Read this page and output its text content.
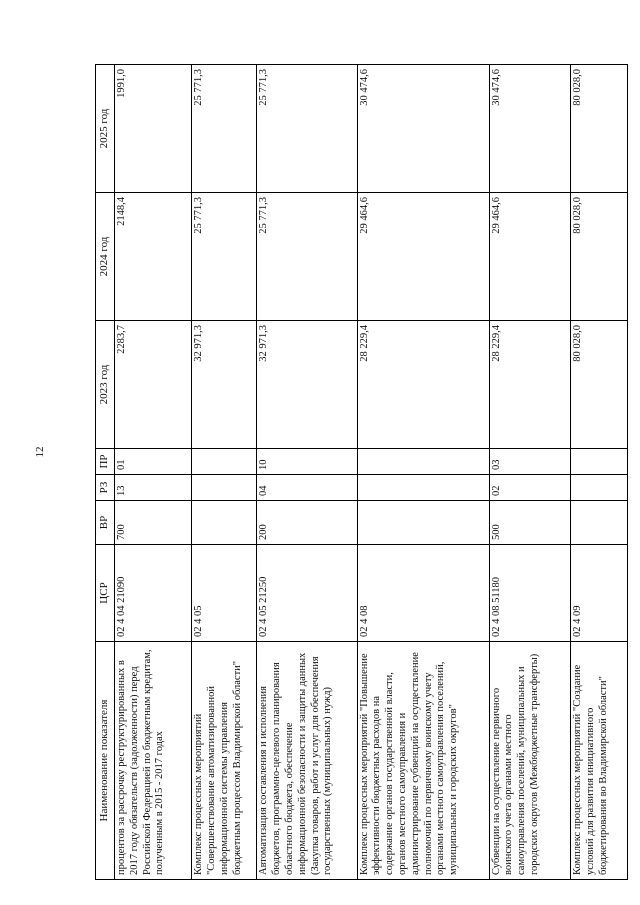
12
Наименование показателя	ЦСР	ВР	РЗ	ПР	2023 год	2024 год	2025 год
процентов за рассрочку реструктурированных в 2017 году обязательств (задолженности) перед Российской Федерацией по бюджетным кредитам, полученным в 2015 - 2017 годах	02 4 04 21090	700	13	01	2283,7	2148,4	1991,0
Комплекс процессных мероприятий "Совершенствование автоматизированной информационной системы управления бюджетным процессом Владимирской области"	02 4 05				32 971,3	25 771,3	25 771,3
Автоматизация составления и исполнения бюджетов, программно-целевого планирования областного бюджета, обеспечение информационной безопасности и защиты данных (Закупка товаров, работ и услуг для обеспечения государственных (муниципальных) нужд)	02 4 05 21250	200	04	10	32 971,3	25 771,3	25 771,3
Комплекс процессных мероприятий "Повышение эффективности бюджетных расходов на содержание органов государственной власти, органов местного самоуправления и администрирование субвенций на осуществление полномочий по первичному воинскому учету органами местного самоуправления поселений, муниципальных и городских округов"	02 4 08				28 229,4	29 464,6	30 474,6
Субвенции на осуществление первичного воинского учета органами местного самоуправления поселений, муниципальных и городских округов (Межбюджетные трансферты)	02 4 08 51180	500	02	03	28 229,4	29 464,6	30 474,6
Комплекс процессных мероприятий "Создание условий для развития инициативного бюджетирования во Владимирской области"	02 4 09				80 028,0	80 028,0	80 028,0
